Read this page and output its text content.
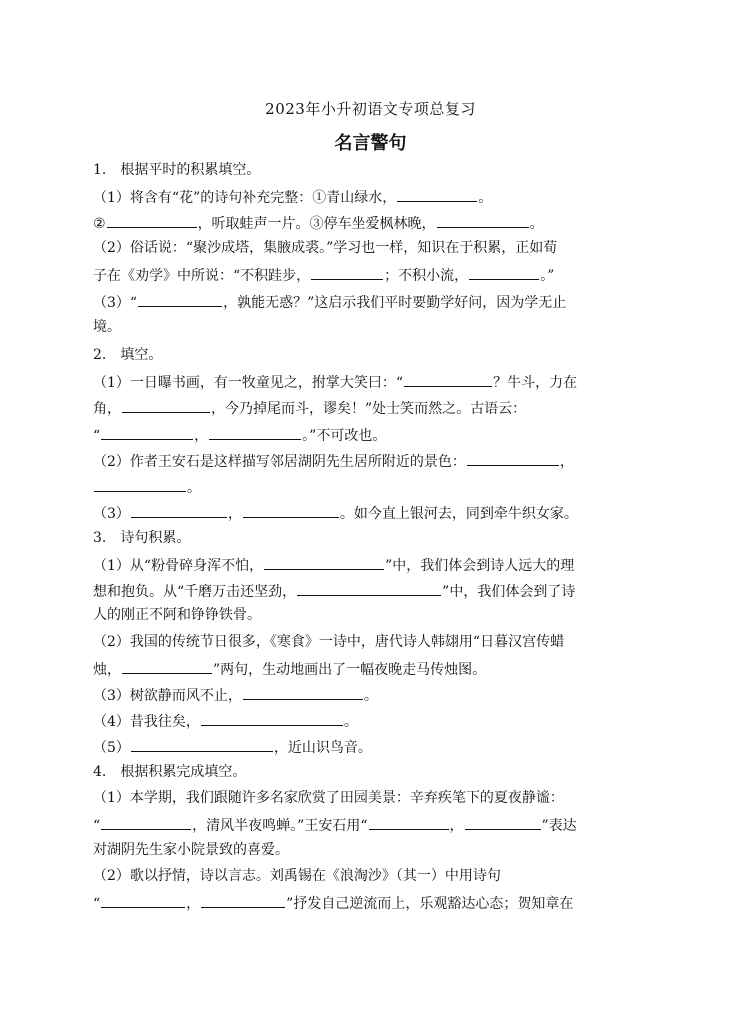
2023年小升初语文专项总复习
名言警句
1.　根据平时的积累填空。
（1）将含有“花”的诗句补充完整：①青山绿水，	。
②	，听取蛙声一片。③停车坐爱枫林晚，	。
（2）俗话说：“聚沙成塔，集腋成裘。”学习也一样，知识在于积累，正如荀
子在《劝学》中所说：“不积跬步，	；不积小流，	。”
（3）“	，孰能无惑？”这启示我们平时要勤学好问，因为学无止
境。
2.　填空。
（1）一日曝书画，有一牧童见之，拊掌大笑曰：“	？牛斗，力在
角，	，今乃掉尾而斗，谬矣！”处士笑而然之。古语云：
“	，	。”不可改也。
（2）作者王安石是这样描写邻居湖阴先生居所附近的景色：	，
。
（3）	，	。如今直上银河去，同到牵牛织女家。
3.　诗句积累。
（1）从“粉骨碎身浑不怕，	”中，我们体会到诗人远大的理
想和抱负。从“千磨万击还坚劲，	”中，我们体会到了诗
人的刚正不阿和铮铮铁骨。
（2）我国的传统节日很多，《寒食》一诗中，唐代诗人韩翃用“日暮汉宫传蜡
烛，	”两句，生动地画出了一幅夜晚走马传烛图。
（3）树欲静而风不止，	。
（4）昔我往矣，	。
（5）	，近山识鸟音。
4.　根据积累完成填空。
（1）本学期，我们跟随许多名家欣赏了田园美景：辛弃疾笔下的夏夜静谧：
“	，清风半夜鸣蝉。”王安石用“	，	”表达
对湖阴先生家小院景致的喜爱。
（2）歌以抒情，诗以言志。刘禹锡在《浪淘沙》（其一）中用诗句
“	，	”抒发自己逆流而上，乐观豁达心态；贺知章在
